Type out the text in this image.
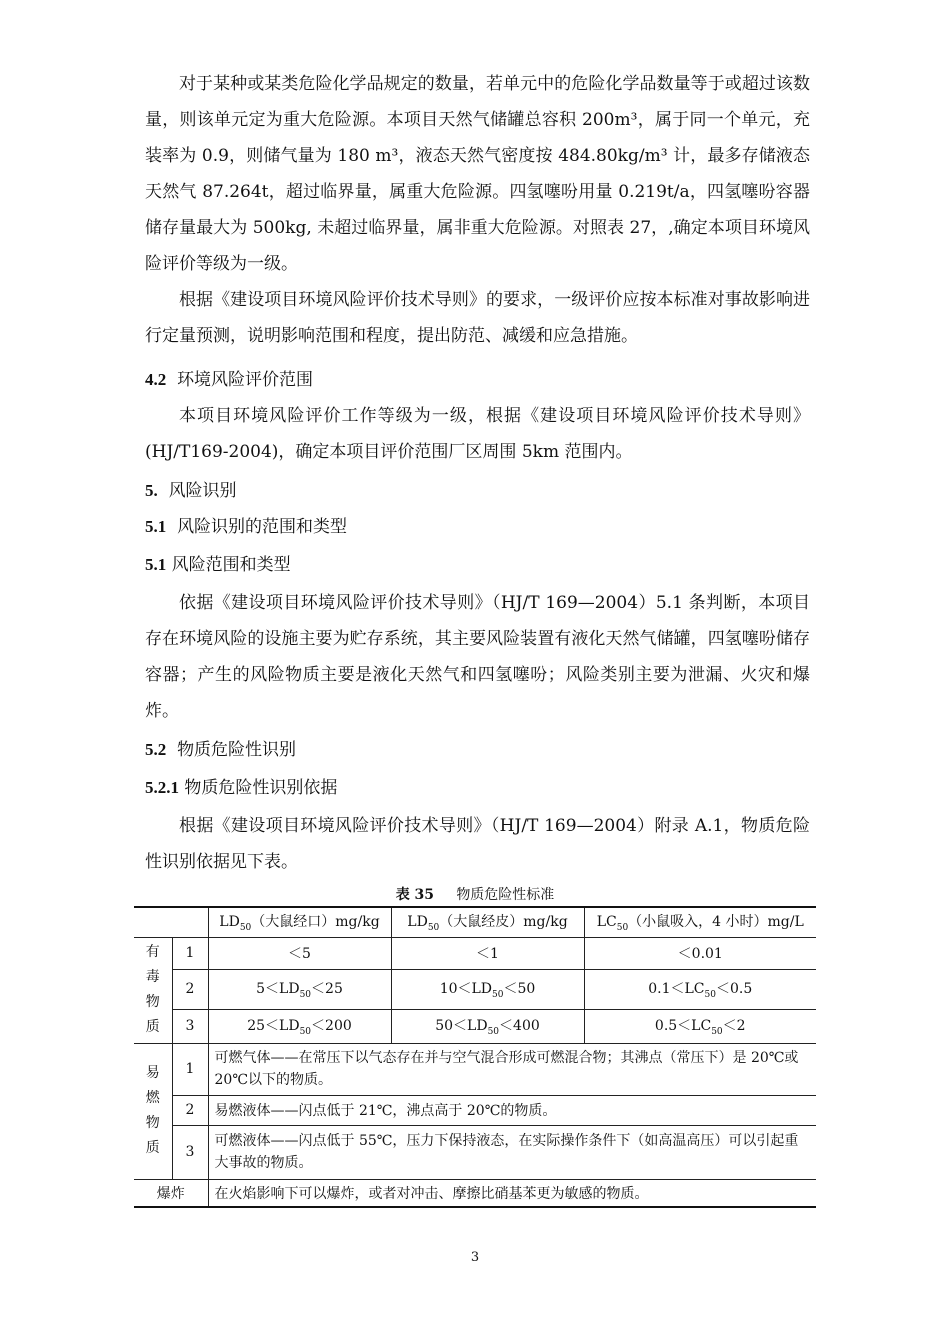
对于某种或某类危险化学品规定的数量，若单元中的危险化学品数量等于或超过该数量，则该单元定为重大危险源。本项目天然气储罐总容积 200m³，属于同一个单元，充装率为 0.9，则储气量为 180 m³，液态天然气密度按 484.80kg/m³ 计，最多存储液态天然气 87.264t，超过临界量，属重大危险源。四氢噻吩用量 0.219t/a，四氢噻吩容器储存量最大为 500kg, 未超过临界量，属非重大危险源。对照表 27，,确定本项目环境风险评价等级为一级。

根据《建设项目环境风险评价技术导则》的要求，一级评价应按本标准对事故影响进行定量预测，说明影响范围和程度，提出防范、减缓和应急措施。

4.2 环境风险评价范围

本项目环境风险评价工作等级为一级，根据《建设项目环境风险评价技术导则》(HJ/T169-2004)，确定本项目评价范围厂区周围 5km 范围内。

5. 风险识别

5.1 风险识别的范围和类型

5.1 风险范围和类型

依据《建设项目环境风险评价技术导则》（HJ/T 169—2004）5.1 条判断，本项目存在环境风险的设施主要为贮存系统，其主要风险装置有液化天然气储罐，四氢噻吩储存容器；产生的风险物质主要是液化天然气和四氢噻吩；风险类别主要为泄漏、火灾和爆炸。

5.2 物质危险性识别

5.2.1 物质危险性识别依据

根据《建设项目环境风险评价技术导则》（HJ/T 169—2004）附录 A.1，物质危险性识别依据见下表。

表 35 物质危险性标准
		$LD_{50}$（大鼠经口）mg/kg	$LD_{50}$（大鼠经皮）mg/kg	$LC_{50}$（小鼠吸入，4 小时）mg/L

有毒物质	1	＜5	＜1	＜0.01
	2	$5<LD_{50}<25$	$10<LD_{50}<50$	$0.1<LC_{50}<0.5$
	3	$25<LD_{50}<200$	$50<LD_{50}<400$	$0.5<LC_{50}<2$

易燃物质	1	可燃气体——在常压下以气态存在并与空气混合形成可燃混合物；其沸点（常压下）是 20℃或 20℃以下的物质。		
	2	易燃液体——闪点低于 21℃，沸点高于 20℃的物质。		
	3	可燃液体——闪点低于 55℃，压力下保持液态，在实际操作条件下（如高温高压）可以引起重大事故的物质。		
爆炸		在火焰影响下可以爆炸，或者对冲击、摩擦比硝基苯更为敏感的物质。		
3
